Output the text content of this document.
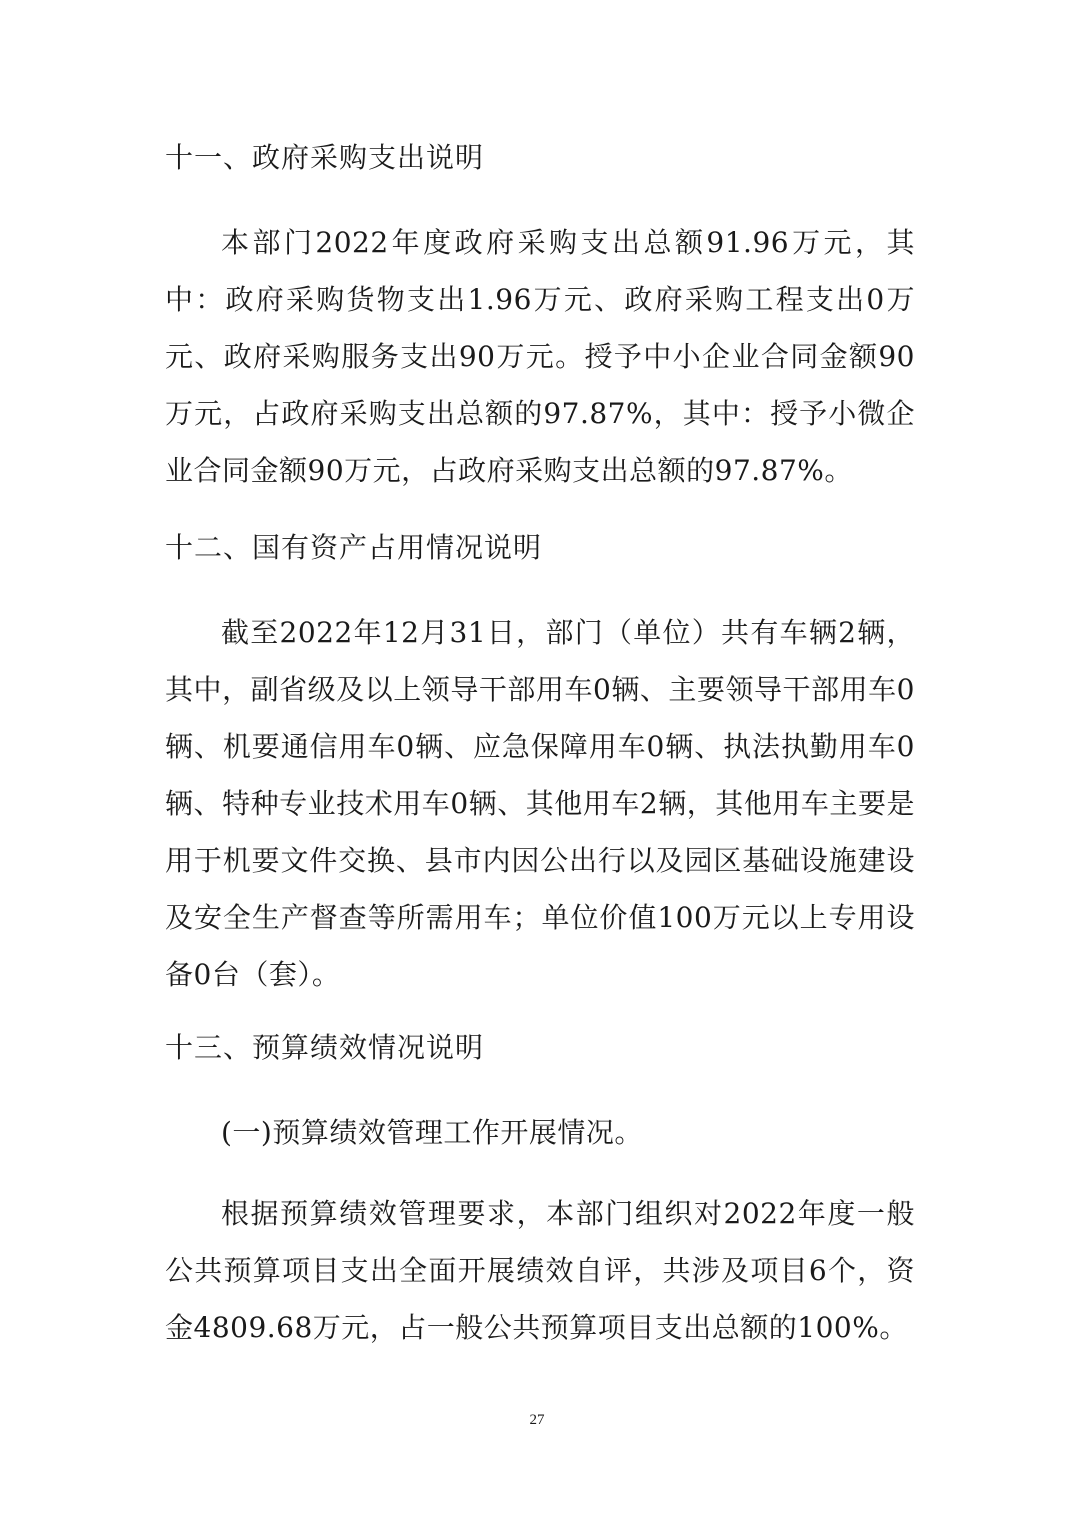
十一、政府采购支出说明
本部门2022年度政府采购支出总额91.96万元，其中：政府采购货物支出1.96万元、政府采购工程支出0万元、政府采购服务支出90万元。授予中小企业合同金额90万元，占政府采购支出总额的97.87%，其中：授予小微企业合同金额90万元，占政府采购支出总额的97.87%。
十二、国有资产占用情况说明
截至2022年12月31日，部门（单位）共有车辆2辆，其中，副省级及以上领导干部用车0辆、主要领导干部用车0辆、机要通信用车0辆、应急保障用车0辆、执法执勤用车0辆、特种专业技术用车0辆、其他用车2辆，其他用车主要是用于机要文件交换、县市内因公出行以及园区基础设施建设及安全生产督查等所需用车；单位价值100万元以上专用设备0台（套）。
十三、预算绩效情况说明
(一)预算绩效管理工作开展情况。
根据预算绩效管理要求，本部门组织对2022年度一般公共预算项目支出全面开展绩效自评，共涉及项目6个，资金4809.68万元，占一般公共预算项目支出总额的100%。
27
